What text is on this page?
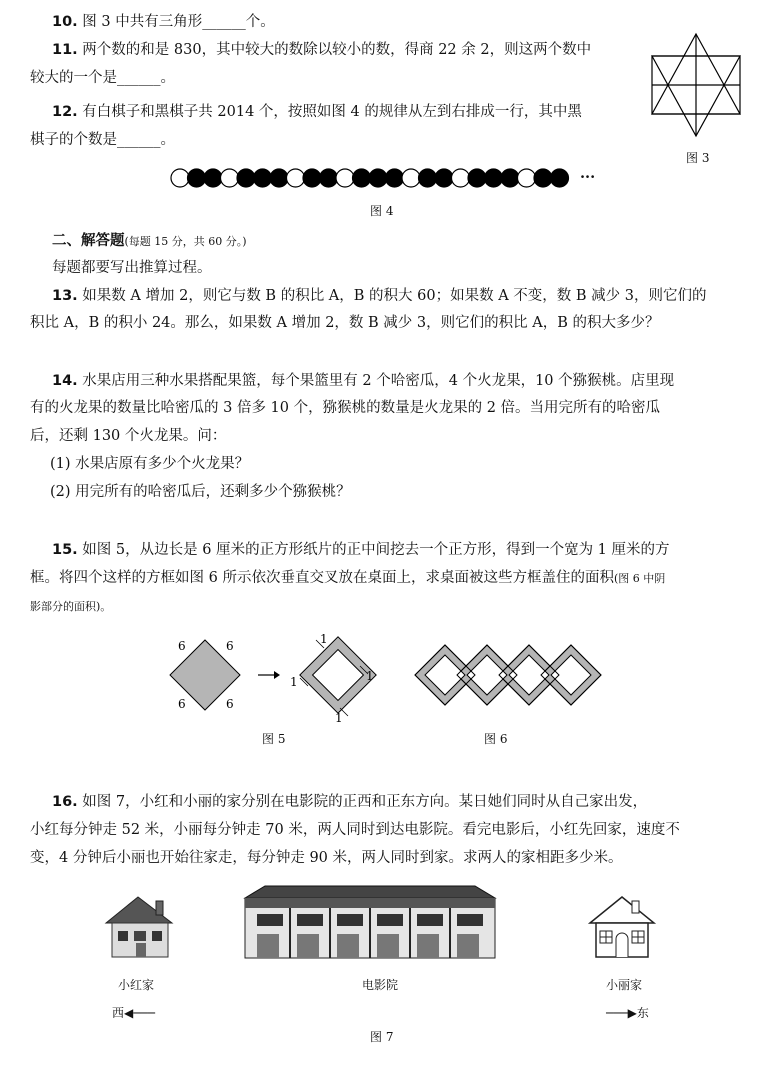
10. 图 3 中共有三角形______个。
11. 两个数的和是 830，其中较大的数除以较小的数，得商 22 余 2，则这两个数中
较大的一个是______。
12. 有白棋子和黑棋子共 2014 个，按照如图 4 的规律从左到右排成一行，其中黑
棋子的个数是______。
图 3
···
图 4
二、解答题(每题 15 分，共 60 分。)
每题都要写出推算过程。
13. 如果数 A 增加 2，则它与数 B 的积比 A，B 的积大 60；如果数 A 不变，数 B 减少 3，则它们的
积比 A，B 的积小 24。那么，如果数 A 增加 2，数 B 减少 3，则它们的积比 A，B 的积大多少？
14. 水果店用三种水果搭配果篮，每个果篮里有 2 个哈密瓜，4 个火龙果，10 个猕猴桃。店里现
有的火龙果的数量比哈密瓜的 3 倍多 10 个，猕猴桃的数量是火龙果的 2 倍。当用完所有的哈密瓜
后，还剩 130 个火龙果。问：
(1) 水果店原有多少个火龙果？
(2) 用完所有的哈密瓜后，还剩多少个猕猴桃？
15. 如图 5，从边长是 6 厘米的正方形纸片的正中间挖去一个正方形，得到一个宽为 1 厘米的方
框。将四个这样的方框如图 6 所示依次垂直交叉放在桌面上，求桌面被这些方框盖住的面积(图 6 中阴
影部分的面积)。
6	6
6	6
1
1
1
1
图 5	图 6
16. 如图 7，小红和小丽的家分别在电影院的正西和正东方向。某日她们同时从自己家出发，
小红每分钟走 52 米，小丽每分钟走 70 米，两人同时到达电影院。看完电影后，小红先回家，速度不
变，4 分钟后小丽也开始往家走，每分钟走 90 米，两人同时到家。求两人的家相距多少米。
小红家
西◀───
电影院	小丽家
───▶东
图 7
